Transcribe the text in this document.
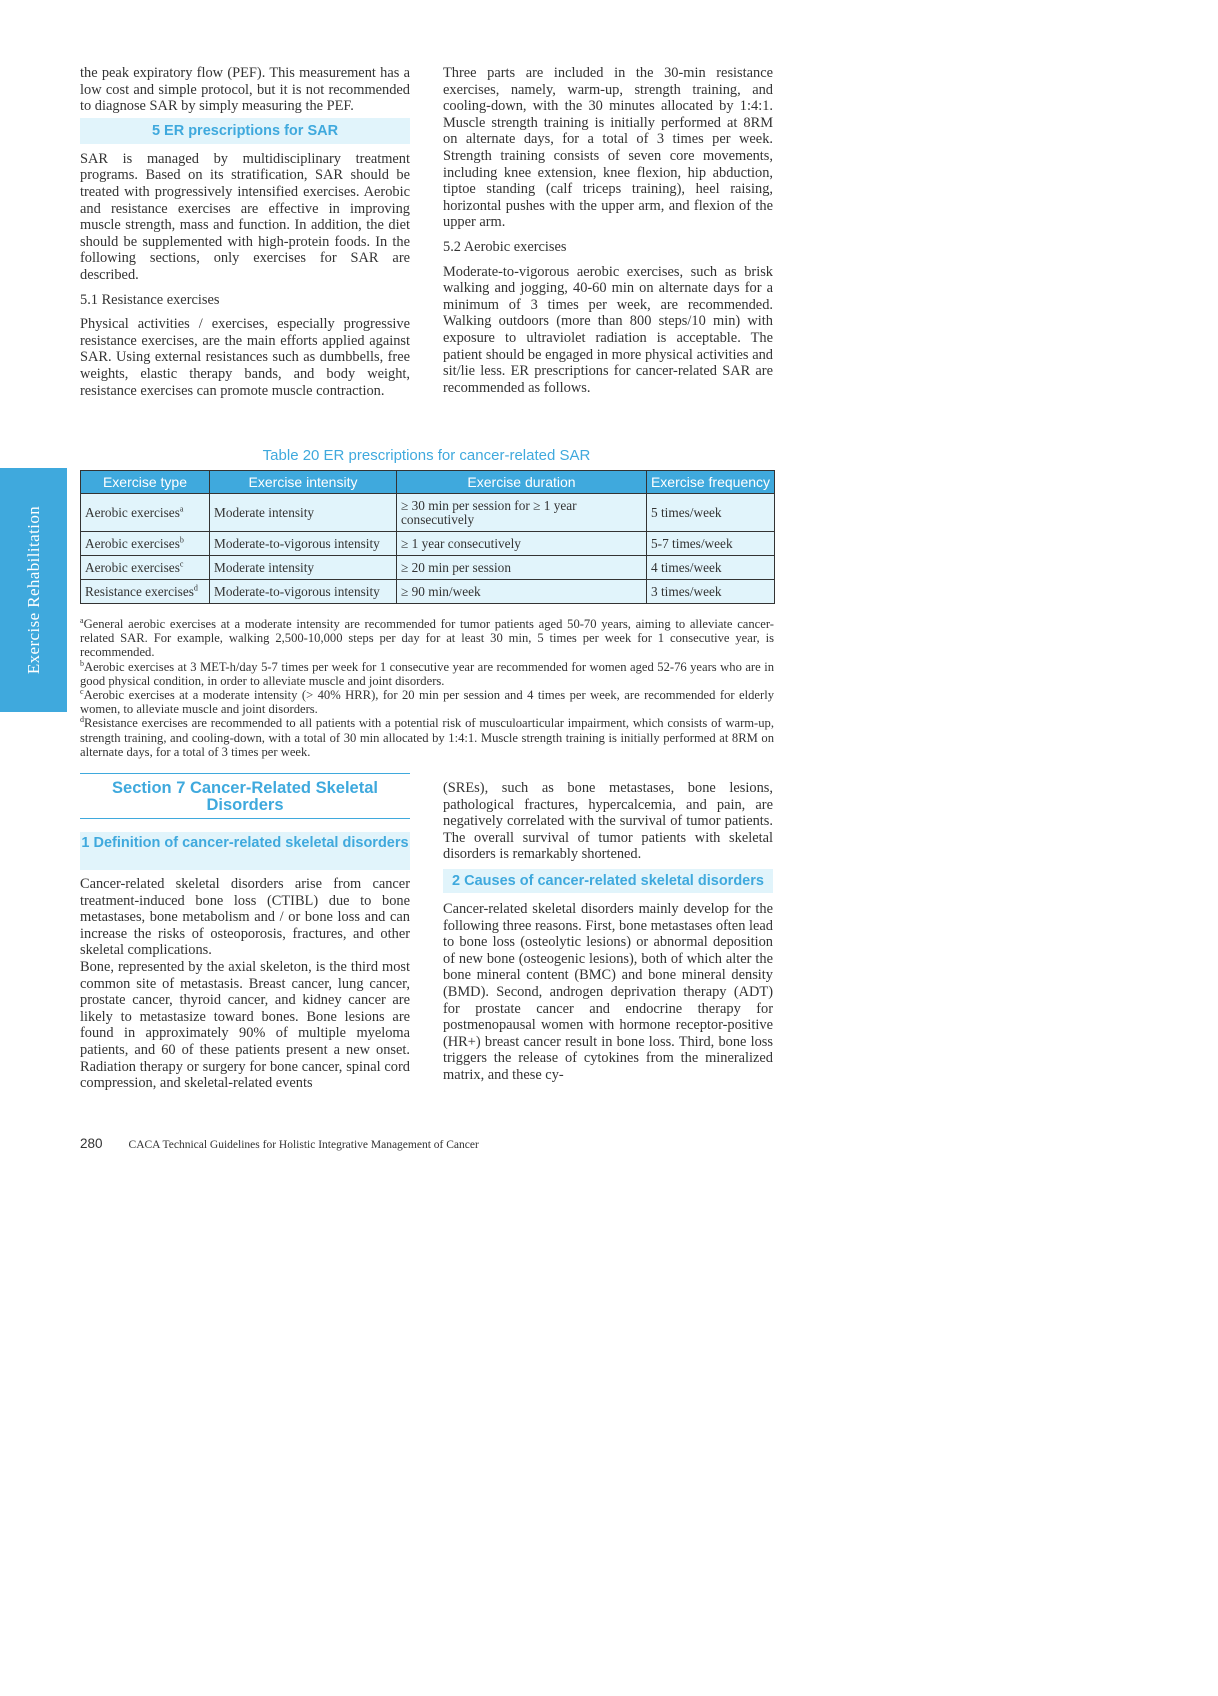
Exercise Rehabilitation

the peak expiratory flow (PEF). This measurement has a low cost and simple protocol, but it is not recommended to diagnose SAR by simply measuring the PEF.

5 ER prescriptions for SAR

SAR is managed by multidisciplinary treatment programs. Based on its stratification, SAR should be treated with progressively intensified exercises. Aerobic and resistance exercises are effective in improving muscle strength, mass and function. In addition, the diet should be supplemented with high-protein foods. In the following sections, only exercises for SAR are described.

5.1 Resistance exercises

Physical activities / exercises, especially progressive resistance exercises, are the main efforts applied against SAR. Using external resistances such as dumbbells, free weights, elastic therapy bands, and body weight, resistance exercises can promote muscle contraction.

Three parts are included in the 30-min resistance exercises, namely, warm-up, strength training, and cooling-down, with the 30 minutes allocated by 1:4:1. Muscle strength training is initially performed at 8RM on alternate days, for a total of 3 times per week. Strength training consists of seven core movements, including knee extension, knee flexion, hip abduction, tiptoe standing (calf triceps training), heel raising, horizontal pushes with the upper arm, and flexion of the upper arm.

5.2 Aerobic exercises

Moderate-to-vigorous aerobic exercises, such as brisk walking and jogging, 40-60 min on alternate days for a minimum of 3 times per week, are recommended. Walking outdoors (more than 800 steps/10 min) with exposure to ultraviolet radiation is acceptable. The patient should be engaged in more physical activities and sit/lie less. ER prescriptions for cancer-related SAR are recommended as follows.

Table 20 ER prescriptions for cancer-related SAR
Exercise type	Exercise intensity	Exercise duration	Exercise frequency
Aerobic exercises$^a$	Moderate intensity	≥ 30 min per session for ≥ 1 year consecutively	5 times/week
Aerobic exercises$^b$	Moderate-to-vigorous intensity	≥ 1 year consecutively	5-7 times/week
Aerobic exercises$^c$	Moderate intensity	≥ 20 min per session	4 times/week
Resistance exercises$^d$	Moderate-to-vigorous intensity	≥ 90 min/week	3 times/week

$^a$General aerobic exercises at a moderate intensity are recommended for tumor patients aged 50-70 years, aiming to alleviate cancer-related SAR. For example, walking 2,500-10,000 steps per day for at least 30 min, 5 times per week for 1 consecutive year, is recommended.

$^b$Aerobic exercises at 3 MET-h/day 5-7 times per week for 1 consecutive year are recommended for women aged 52-76 years who are in good physical condition, in order to alleviate muscle and joint disorders.

$^c$Aerobic exercises at a moderate intensity (> 40% HRR), for 20 min per session and 4 times per week, are recommended for elderly women, to alleviate muscle and joint disorders.

$^d$Resistance exercises are recommended to all patients with a potential risk of musculoarticular impairment, which consists of warm-up, strength training, and cooling-down, with a total of 30 min allocated by 1:4:1. Muscle strength training is initially performed at 8RM on alternate days, for a total of 3 times per week.

Section 7 Cancer-Related Skeletal Disorders
1 Definition of cancer-related skeletal disorders

Cancer-related skeletal disorders arise from cancer treatment-induced bone loss (CTIBL) due to bone metastases, bone metabolism and / or bone loss and can increase the risks of osteoporosis, fractures, and other skeletal complications.

Bone, represented by the axial skeleton, is the third most common site of metastasis. Breast cancer, lung cancer, prostate cancer, thyroid cancer, and kidney cancer are likely to metastasize toward bones. Bone lesions are found in approximately 90% of multiple myeloma patients, and 60 of these patients present a new onset. Radiation therapy or surgery for bone cancer, spinal cord compression, and skeletal-related events

(SREs), such as bone metastases, bone lesions, pathological fractures, hypercalcemia, and pain, are negatively correlated with the survival of tumor patients. The overall survival of tumor patients with skeletal disorders is remarkably shortened.

2 Causes of cancer-related skeletal disorders

Cancer-related skeletal disorders mainly develop for the following three reasons. First, bone metastases often lead to bone loss (osteolytic lesions) or abnormal deposition of new bone (osteogenic lesions), both of which alter the bone mineral content (BMC) and bone mineral density (BMD). Second, androgen deprivation therapy (ADT) for prostate cancer and endocrine therapy for postmenopausal women with hormone receptor-positive (HR+) breast cancer result in bone loss. Third, bone loss triggers the release of cytokines from the mineralized matrix, and these cy-

280 CACA Technical Guidelines for Holistic Integrative Management of Cancer
